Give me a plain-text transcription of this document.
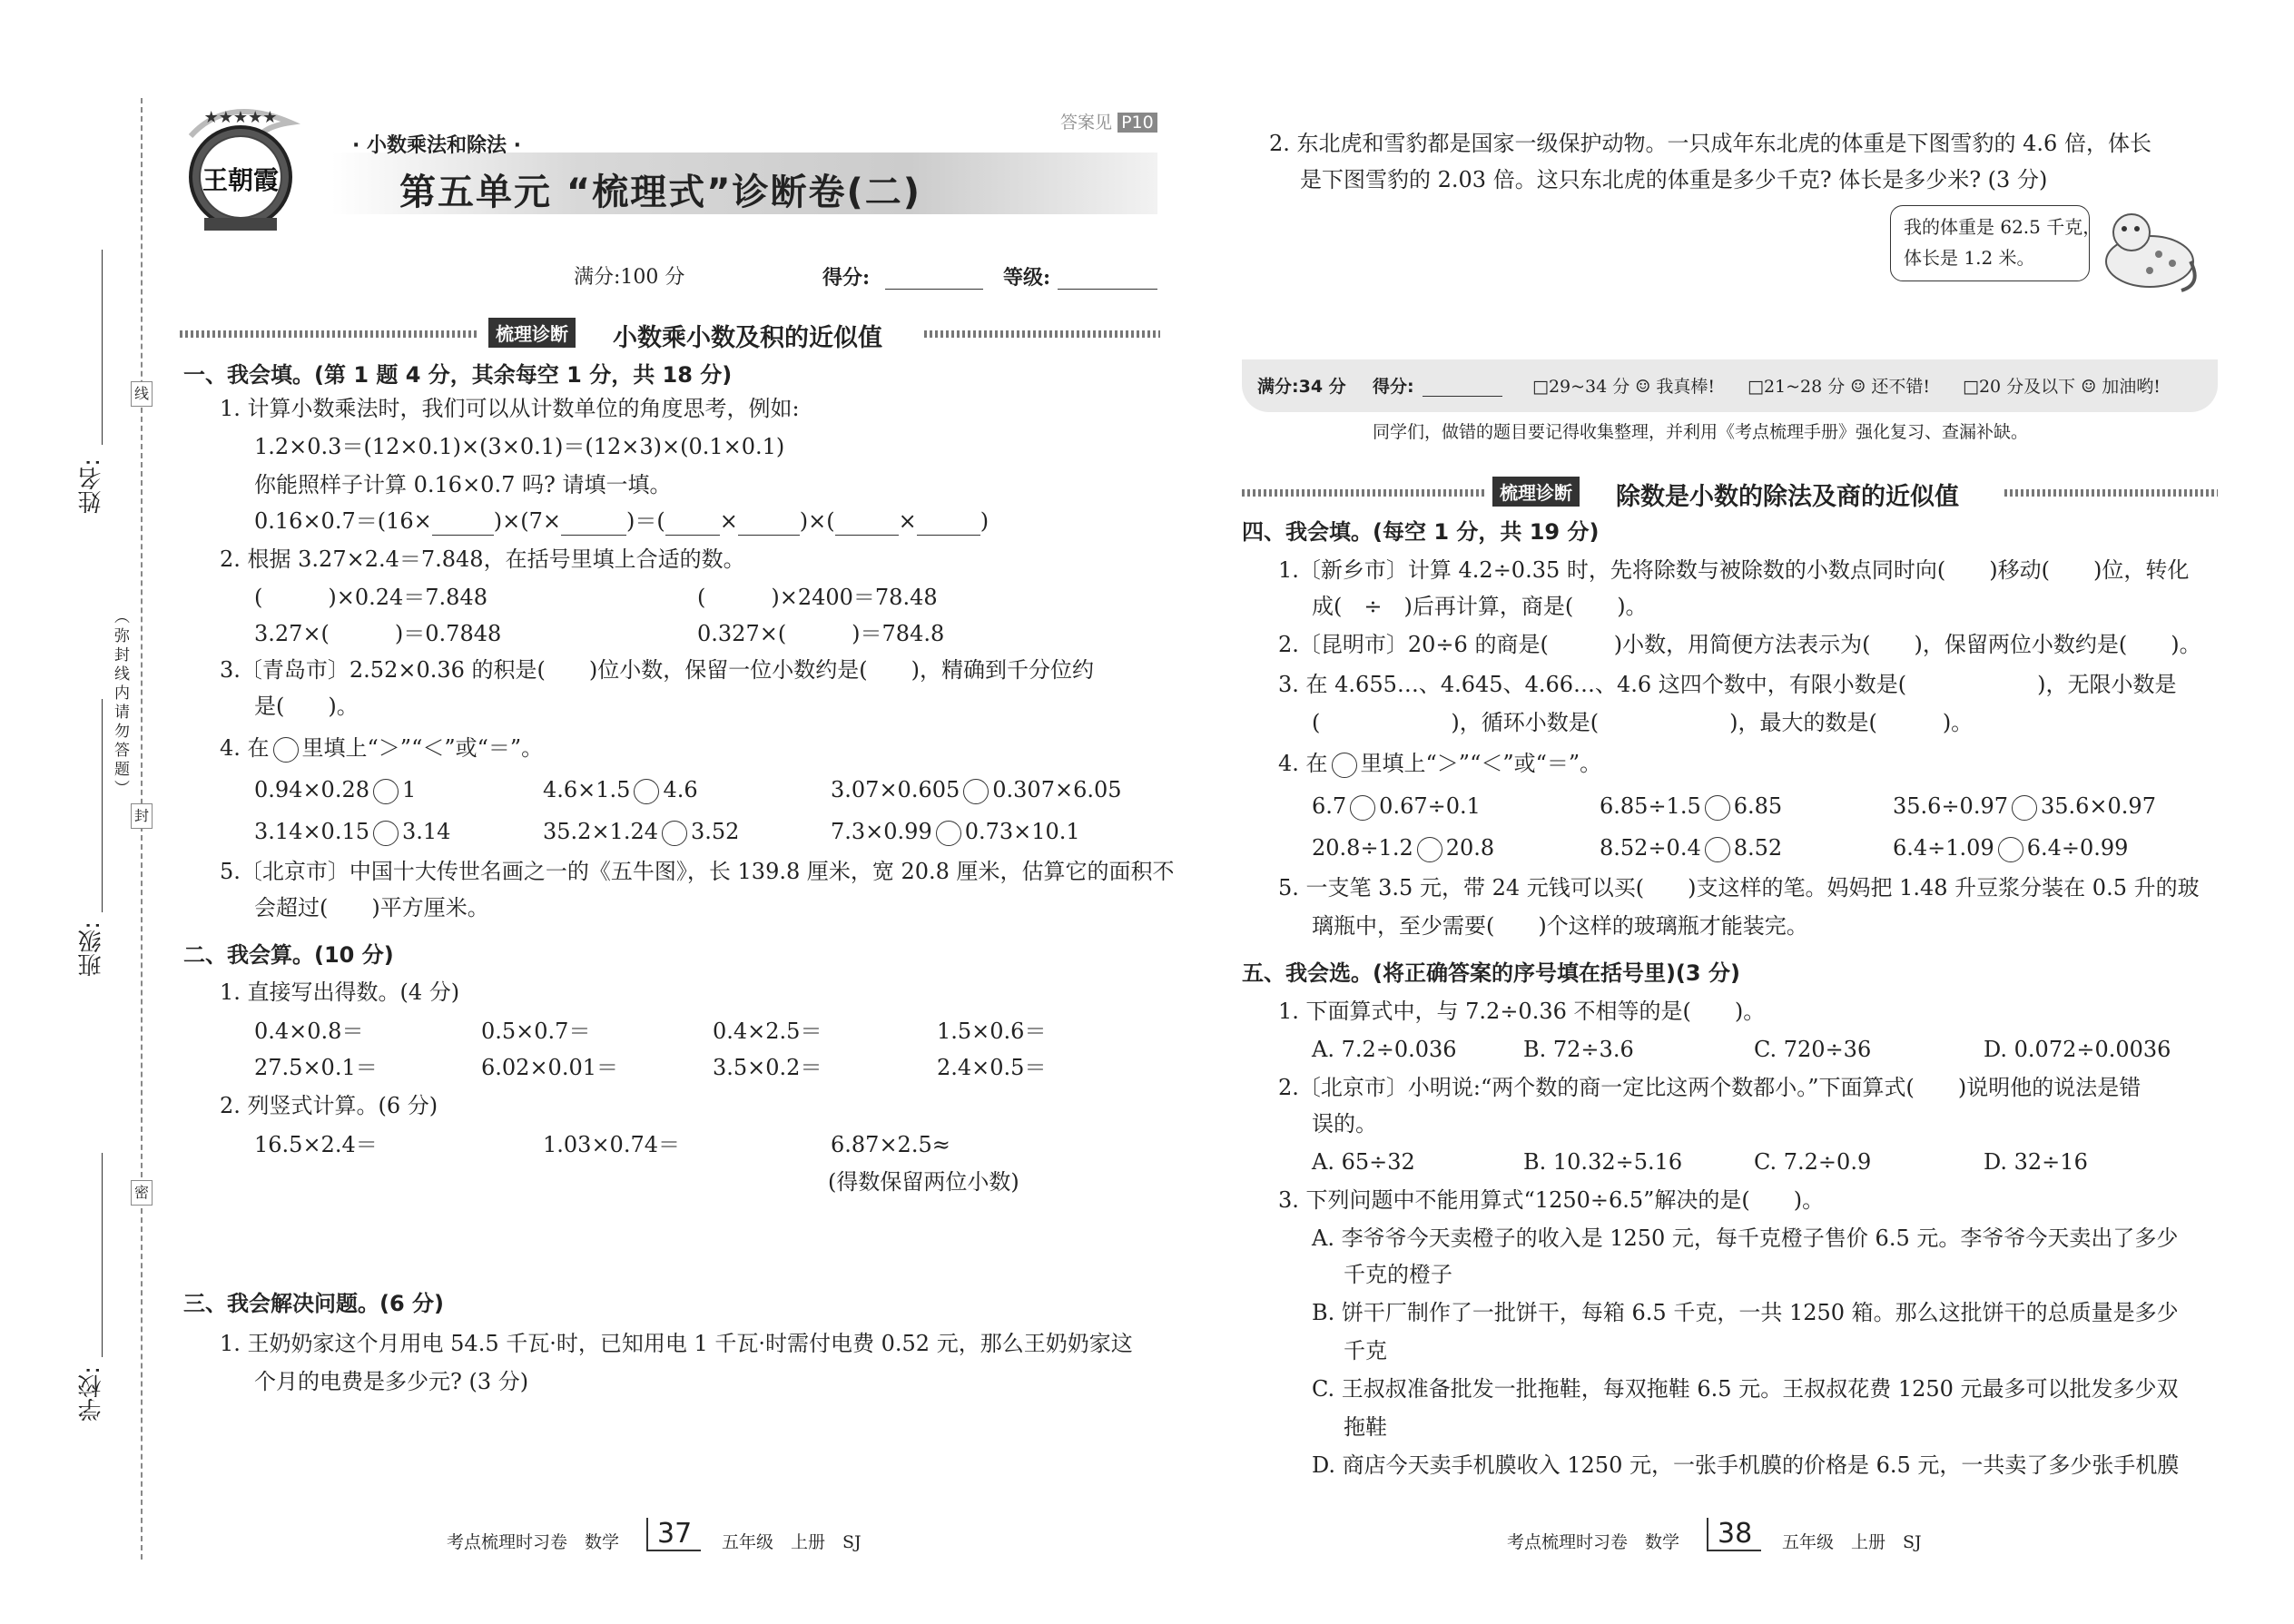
线
封
密
（弥封线内请勿答题）
姓名:
班级:
学校:
★★★★★
王朝霞
· 小数乘法和除法 ·
第五单元 “梳理式”诊断卷(二)
答案见 P10
满分:100 分	得分:	等级:
梳理诊断 小数乘小数及积的近似值
一、我会填。(第 1 题 4 分，其余每空 1 分，共 18 分)
1. 计算小数乘法时，我们可以从计数单位的角度思考，例如:
1.2×0.3＝(12×0.1)×(3×0.1)＝(12×3)×(0.1×0.1)
你能照样子计算 0.16×0.7 吗? 请填一填。
0.16×0.7＝(16×	)×(7×	)＝(	×	)×(	×	)
2. 根据 3.27×2.4＝7.848，在括号里填上合适的数。
(　　　)×0.24＝7.848	(　　　)×2400＝78.48
3.27×(　　　)＝0.7848	0.327×(　　　)＝784.8
3.〔青岛市〕2.52×0.36 的积是(　　)位小数，保留一位小数约是(　　)，精确到千分位约
是(　　)。
4. 在 里填上“＞”“＜”或“＝”。
0.94×0.28 1	4.6×1.5 4.6	3.07×0.605 0.307×6.05
3.14×0.15 3.14	35.2×1.24 3.52	7.3×0.99 0.73×10.1
5.〔北京市〕中国十大传世名画之一的《五牛图》，长 139.8 厘米，宽 20.8 厘米，估算它的面积不
会超过(　　)平方厘米。
二、我会算。(10 分)
1. 直接写出得数。(4 分)
0.4×0.8＝	0.5×0.7＝	0.4×2.5＝	1.5×0.6＝
27.5×0.1＝	6.02×0.01＝	3.5×0.2＝	2.4×0.5＝
2. 列竖式计算。(6 分)
16.5×2.4＝	1.03×0.74＝	6.87×2.5≈
(得数保留两位小数)
三、我会解决问题。(6 分)
1. 王奶奶家这个月用电 54.5 千瓦·时，已知用电 1 千瓦·时需付电费 0.52 元，那么王奶奶家这
个月的电费是多少元? (3 分)
考点梳理时习卷　数学	37	五年级　上册　SJ
2. 东北虎和雪豹都是国家一级保护动物。一只成年东北虎的体重是下图雪豹的 4.6 倍，体长
是下图雪豹的 2.03 倍。这只东北虎的体重是多少千克? 体长是多少米? (3 分)
我的体重是 62.5 千克，
体长是 1.2 米。
满分:34 分 得分:	□29~34 分 ☺ 我真棒! □21~28 分 ☺ 还不错! □20 分及以下 ☺ 加油哟!
同学们，做错的题目要记得收集整理，并利用《考点梳理手册》强化复习、查漏补缺。
梳理诊断 除数是小数的除法及商的近似值
四、我会填。(每空 1 分，共 19 分)
1.〔新乡市〕计算 4.2÷0.35 时，先将除数与被除数的小数点同时向(　　)移动(　　)位，转化
成(　÷　)后再计算，商是(　　)。
2.〔昆明市〕20÷6 的商是(　　　)小数，用简便方法表示为(　　)，保留两位小数约是(　　)。
3. 在 4.655…、4.645、4.66…、4.6 这四个数中，有限小数是(　　　　　　)，无限小数是
(　　　　　　)，循环小数是(　　　　　　)，最大的数是(　　　)。
4. 在 里填上“＞”“＜”或“＝”。
6.7 0.67÷0.1	6.85÷1.5 6.85	35.6÷0.97 35.6×0.97
20.8÷1.2 20.8	8.52÷0.4 8.52	6.4÷1.09 6.4÷0.99
5. 一支笔 3.5 元，带 24 元钱可以买(　　)支这样的笔。妈妈把 1.48 升豆浆分装在 0.5 升的玻
璃瓶中，至少需要(　　)个这样的玻璃瓶才能装完。
五、我会选。(将正确答案的序号填在括号里)(3 分)
1. 下面算式中，与 7.2÷0.36 不相等的是(　　)。
A. 7.2÷0.036	B. 72÷3.6	C. 720÷36	D. 0.072÷0.0036
2.〔北京市〕小明说:“两个数的商一定比这两个数都小。”下面算式(　　)说明他的说法是错
误的。
A. 65÷32	B. 10.32÷5.16	C. 7.2÷0.9	D. 32÷16
3. 下列问题中不能用算式“1250÷6.5”解决的是(　　)。
A. 李爷爷今天卖橙子的收入是 1250 元，每千克橙子售价 6.5 元。李爷爷今天卖出了多少
千克的橙子
B. 饼干厂制作了一批饼干，每箱 6.5 千克，一共 1250 箱。那么这批饼干的总质量是多少
千克
C. 王叔叔准备批发一批拖鞋，每双拖鞋 6.5 元。王叔叔花费 1250 元最多可以批发多少双
拖鞋
D. 商店今天卖手机膜收入 1250 元，一张手机膜的价格是 6.5 元，一共卖了多少张手机膜
考点梳理时习卷　数学	38	五年级　上册　SJ
